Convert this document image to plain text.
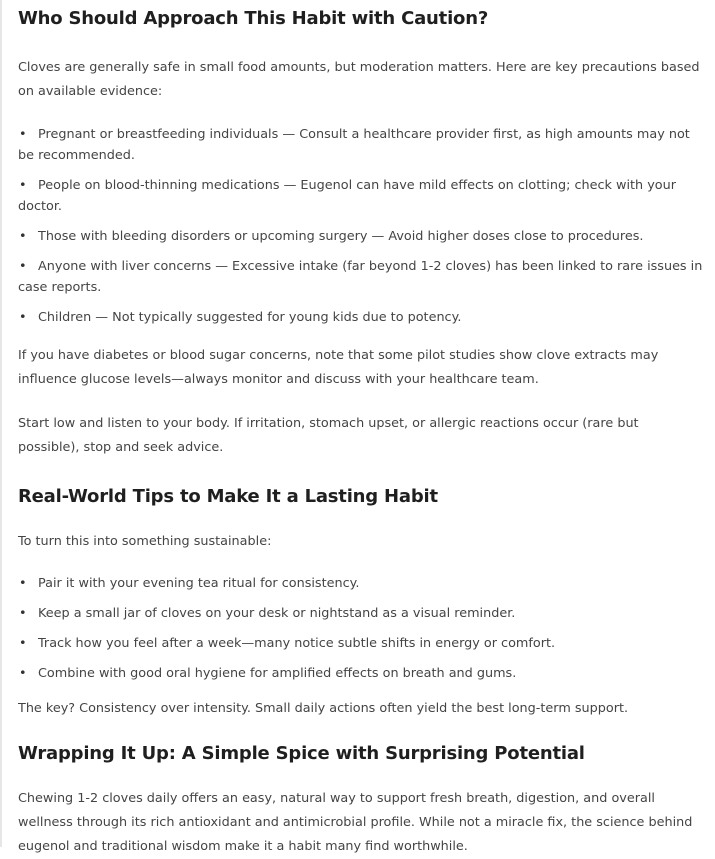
Who Should Approach This Habit with Caution?

Cloves are generally safe in small food amounts, but moderation matters. Here are key precautions based on available evidence:

• Pregnant or breastfeeding individuals — Consult a healthcare provider first, as high amounts may not be recommended.
• People on blood-thinning medications — Eugenol can have mild effects on clotting; check with your doctor.
• Those with bleeding disorders or upcoming surgery — Avoid higher doses close to procedures.
• Anyone with liver concerns — Excessive intake (far beyond 1-2 cloves) has been linked to rare issues in case reports.
• Children — Not typically suggested for young kids due to potency.

If you have diabetes or blood sugar concerns, note that some pilot studies show clove extracts may influence glucose levels—always monitor and discuss with your healthcare team.

Start low and listen to your body. If irritation, stomach upset, or allergic reactions occur (rare but possible), stop and seek advice.

Real-World Tips to Make It a Lasting Habit

To turn this into something sustainable:

• Pair it with your evening tea ritual for consistency.
• Keep a small jar of cloves on your desk or nightstand as a visual reminder.
• Track how you feel after a week—many notice subtle shifts in energy or comfort.
• Combine with good oral hygiene for amplified effects on breath and gums.

The key? Consistency over intensity. Small daily actions often yield the best long-term support.

Wrapping It Up: A Simple Spice with Surprising Potential

Chewing 1-2 cloves daily offers an easy, natural way to support fresh breath, digestion, and overall wellness through its rich antioxidant and antimicrobial profile. While not a miracle fix, the science behind eugenol and traditional wisdom make it a habit many find worthwhile.
